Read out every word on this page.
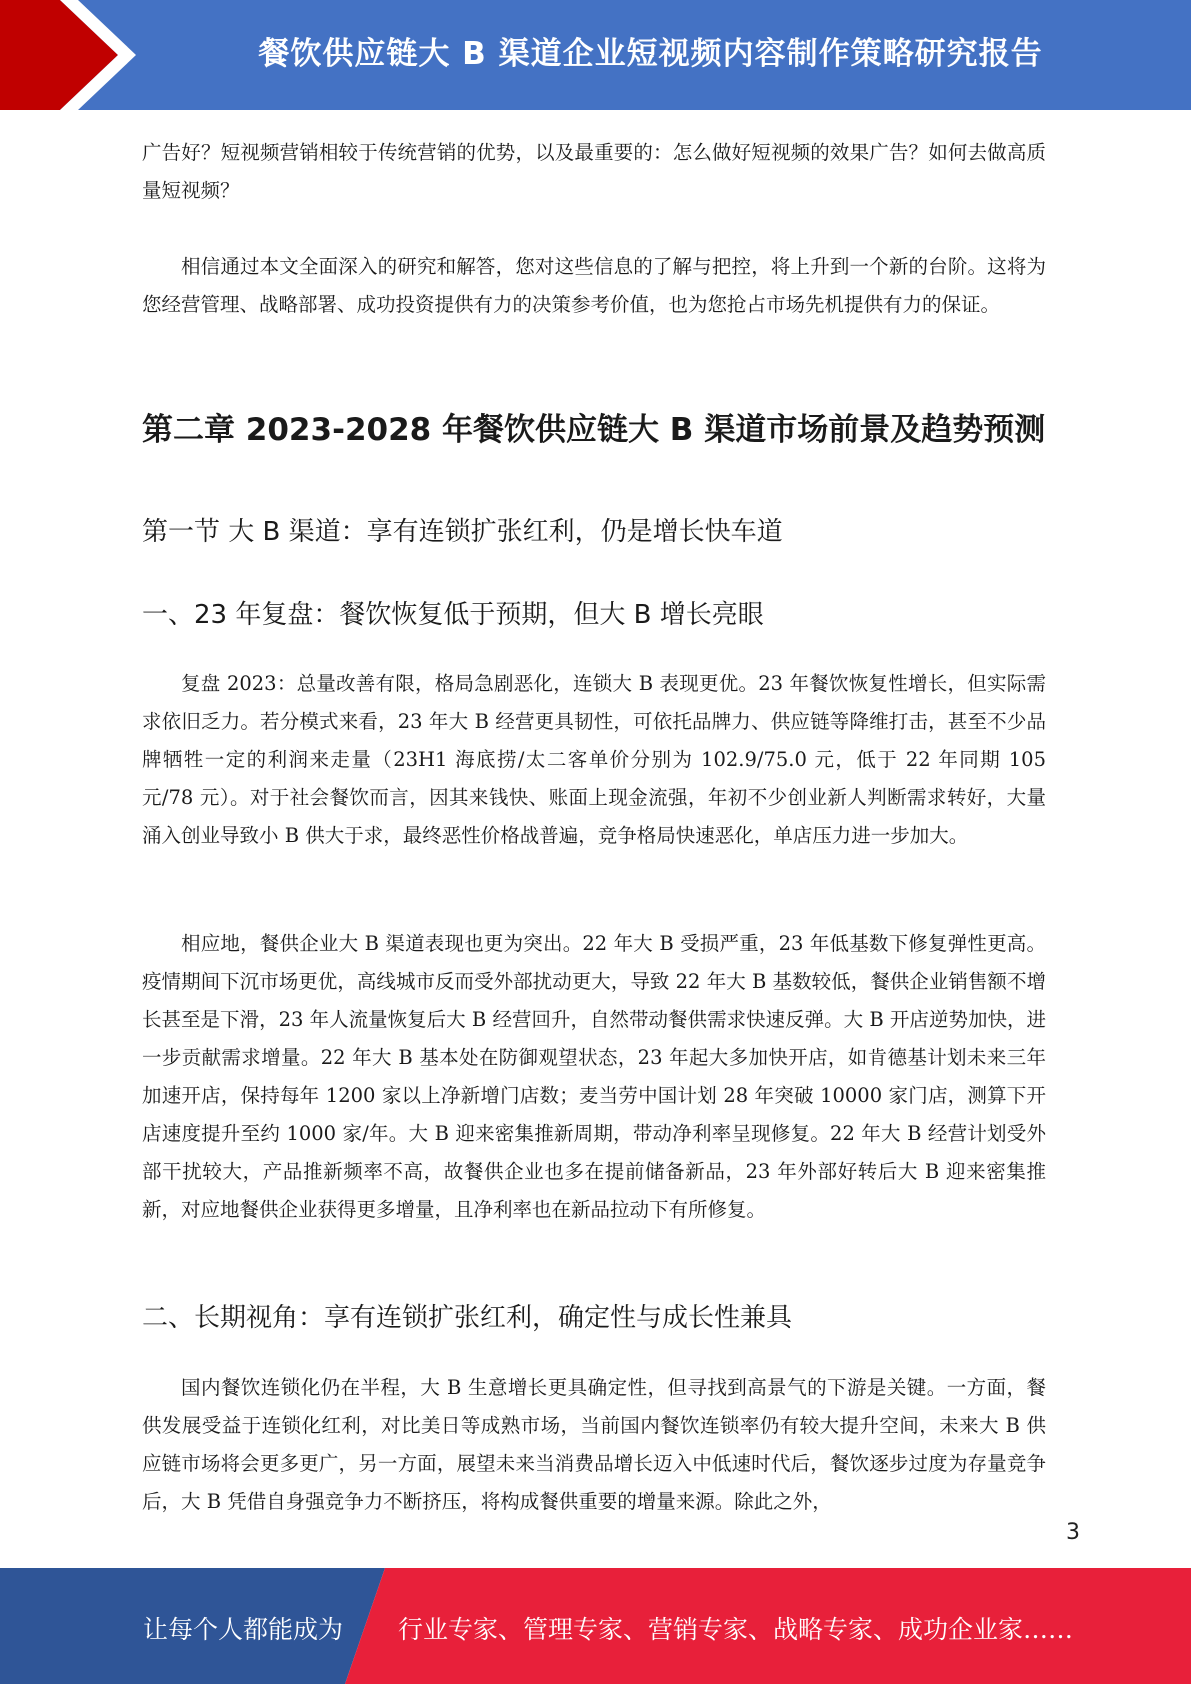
餐饮供应链大 B 渠道企业短视频内容制作策略研究报告

广告好？短视频营销相较于传统营销的优势，以及最重要的：怎么做好短视频的效果广告？如何去做高质量短视频？

相信通过本文全面深入的研究和解答，您对这些信息的了解与把控，将上升到一个新的台阶。这将为您经营管理、战略部署、成功投资提供有力的决策参考价值，也为您抢占市场先机提供有力的保证。

第二章 2023-2028 年餐饮供应链大 B 渠道市场前景及趋势预测
第一节 大 B 渠道：享有连锁扩张红利，仍是增长快车道
一、23 年复盘：餐饮恢复低于预期，但大 B 增长亮眼

复盘 2023：总量改善有限，格局急剧恶化，连锁大 B 表现更优。23 年餐饮恢复性增长，但实际需求依旧乏力。若分模式来看，23 年大 B 经营更具韧性，可依托品牌力、供应链等降维打击，甚至不少品牌牺牲一定的利润来走量（23H1 海底捞/太二客单价分别为 102.9/75.0 元，低于 22 年同期 105 元/78 元）。对于社会餐饮而言，因其来钱快、账面上现金流强，年初不少创业新人判断需求转好，大量涌入创业导致小 B 供大于求，最终恶性价格战普遍，竞争格局快速恶化，单店压力进一步加大。

相应地，餐供企业大 B 渠道表现也更为突出。22 年大 B 受损严重，23 年低基数下修复弹性更高。疫情期间下沉市场更优，高线城市反而受外部扰动更大，导致 22 年大 B 基数较低，餐供企业销售额不增长甚至是下滑，23 年人流量恢复后大 B 经营回升，自然带动餐供需求快速反弹。大 B 开店逆势加快，进一步贡献需求增量。22 年大 B 基本处在防御观望状态，23 年起大多加快开店，如肯德基计划未来三年加速开店，保持每年 1200 家以上净新增门店数；麦当劳中国计划 28 年突破 10000 家门店，测算下开店速度提升至约 1000 家/年。大 B 迎来密集推新周期，带动净利率呈现修复。22 年大 B 经营计划受外部干扰较大，产品推新频率不高，故餐供企业也多在提前储备新品，23 年外部好转后大 B 迎来密集推新，对应地餐供企业获得更多增量，且净利率也在新品拉动下有所修复。

二、长期视角：享有连锁扩张红利，确定性与成长性兼具

国内餐饮连锁化仍在半程，大 B 生意增长更具确定性，但寻找到高景气的下游是关键。一方面，餐供发展受益于连锁化红利，对比美日等成熟市场，当前国内餐饮连锁率仍有较大提升空间，未来大 B 供应链市场将会更多更广，另一方面，展望未来当消费品增长迈入中低速时代后，餐饮逐步过度为存量竞争后，大 B 凭借自身强竞争力不断挤压，将构成餐供重要的增量来源。除此之外，

3
让每个人都能成为 行业专家、管理专家、营销专家、战略专家、成功企业家……
